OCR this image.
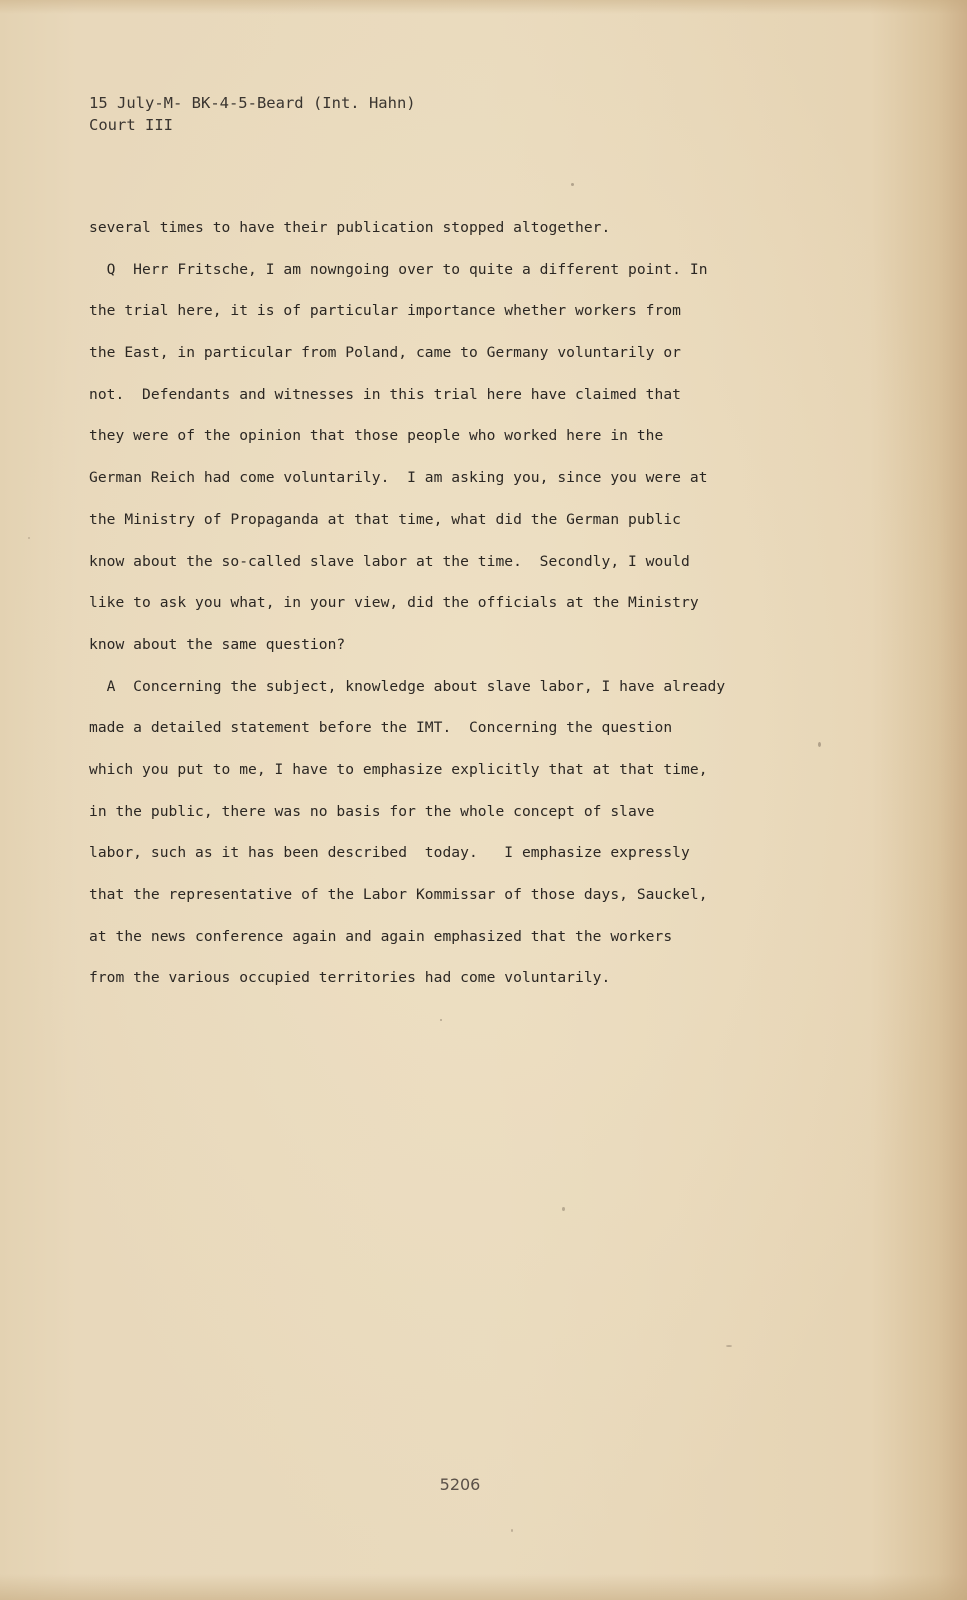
15 July-M- BK-4-5-Beard (Int. Hahn)
Court III
several times to have their publication stopped altogether.
Q  Herr Fritsche, I am nowngoing over to quite a different point. In
the trial here, it is of particular importance whether workers from
the East, in particular from Poland, came to Germany voluntarily or
not.  Defendants and witnesses in this trial here have claimed that
they were of the opinion that those people who worked here in the
German Reich had come voluntarily.  I am asking you, since you were at
the Ministry of Propaganda at that time, what did the German public
know about the so-called slave labor at the time.  Secondly, I would
like to ask you what, in your view, did the officials at the Ministry
know about the same question?
A  Concerning the subject, knowledge about slave labor, I have already
made a detailed statement before the IMT.  Concerning the question
which you put to me, I have to emphasize explicitly that at that time,
in the public, there was no basis for the whole concept of slave
labor, such as it has been described  today.   I emphasize expressly
that the representative of the Labor Kommissar of those days, Sauckel,
at the news conference again and again emphasized that the workers
from the various occupied territories had come voluntarily.
5206
